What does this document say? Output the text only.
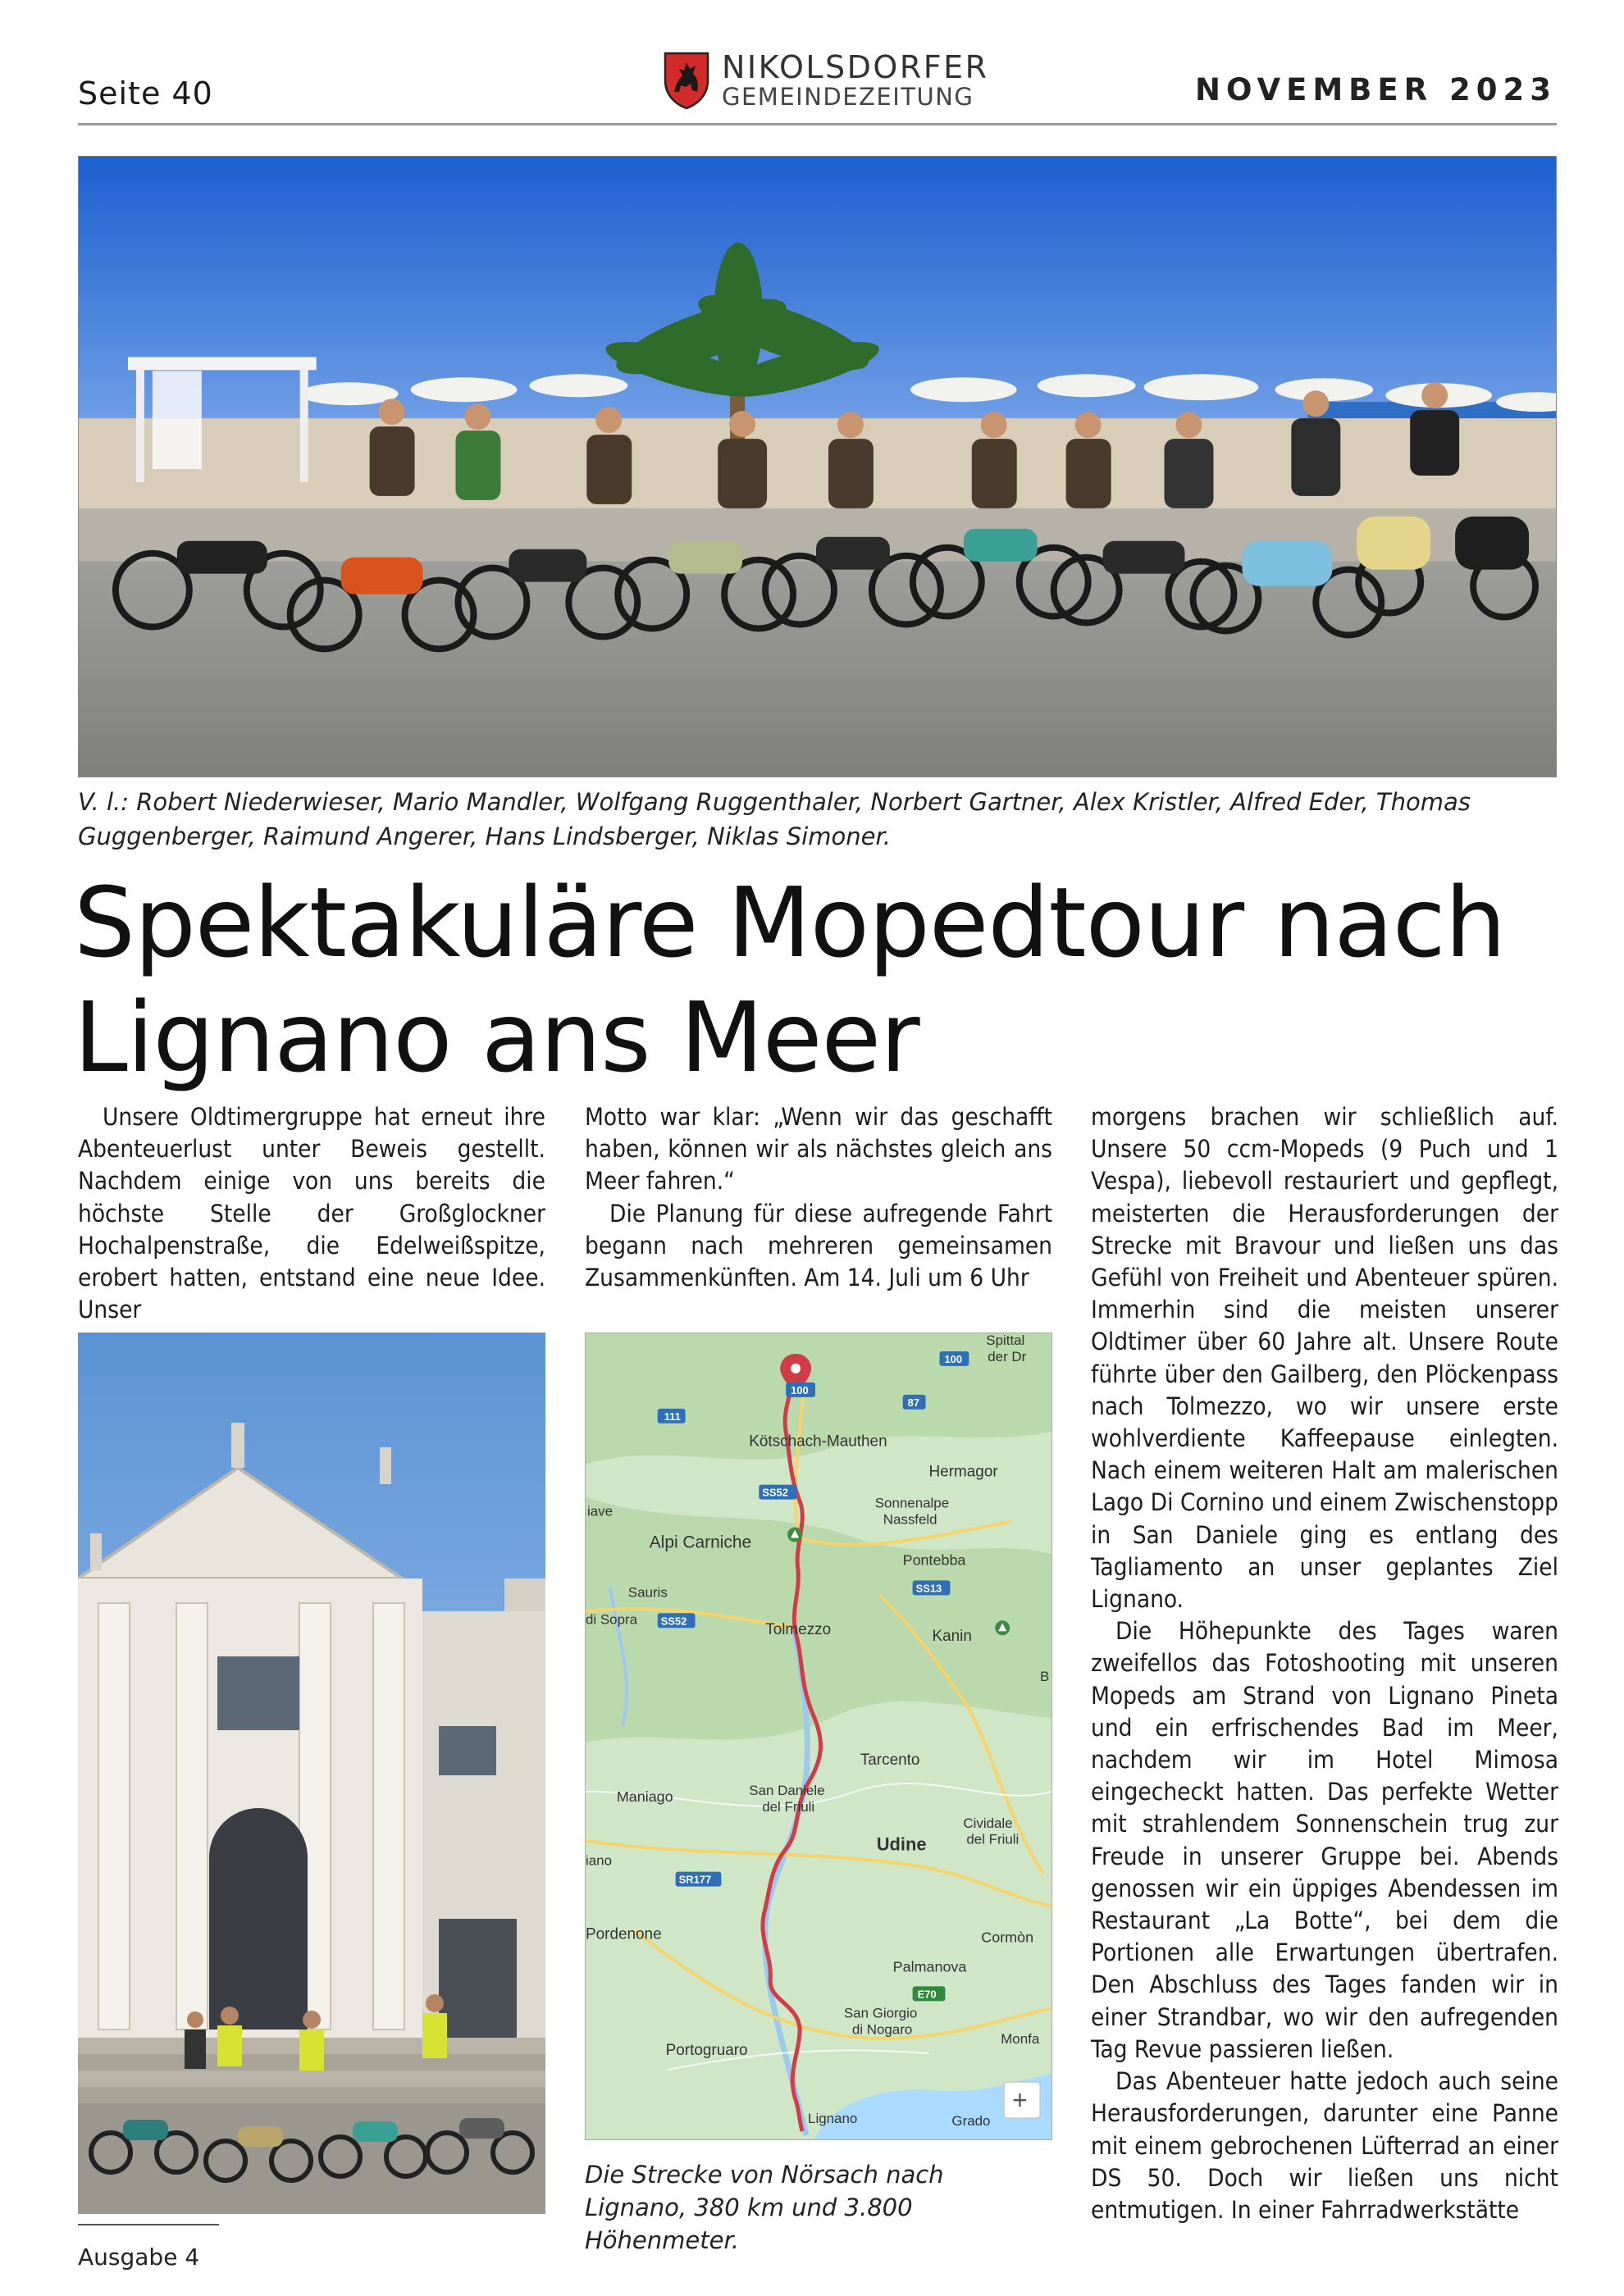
Seite 40
NIKOLSDORFER
GEMEINDEZEITUNG	NOVEMBER 2023
V. l.: Robert Niederwieser, Mario Mandler, Wolfgang Ruggenthaler, Norbert Gartner, Alex Kristler, Alfred Eder, Thomas Guggenberger, Raimund Angerer, Hans Lindsberger, Niklas Simoner.
Spektakuläre Mopedtour nach Lignano ans Meer

Unsere Oldtimergruppe hat erneut ihre Abenteuerlust unter Beweis gestellt. Nachdem einige von uns bereits die höchste Stelle der Großglockner Hochalpenstraße, die Edelweißspitze, erobert hatten, entstand eine neue Idee. Unser

Motto war klar: „Wenn wir das geschafft haben, können wir als nächstes gleich ans Meer fahren.“

Die Planung für diese aufregende Fahrt begann nach mehreren gemeinsamen Zusammenkünften. Am 14. Juli um 6 Uhr

100
100
87
111
SS52
SS52
SS13
SR177
E70
Spittal
der Dr
Kötschach-Mauthen
Hermagor
Sonnenalpe
Nassfeld
Pontebba
Alpi Carniche
Sauris
di Sopra
Tolmezzo	Kanin
Tarcento
Maniago	San Daniele
del Friuli
Cividale
del Friuli
Udine
iano
Pordenone	Cormòn
Palmanova
San Giorgio
di Nogaro
Monfa
Portogruaro
Lignano	Grado
iave
B
+
Die Strecke von Nörsach nach Lignano, 380 km und 3.800 Höhenmeter.

morgens brachen wir schließlich auf. Unsere 50 ccm-Mopeds (9 Puch und 1 Vespa), liebevoll restauriert und gepflegt, meisterten die Herausforderungen der Strecke mit Bravour und ließen uns das Gefühl von Freiheit und Abenteuer spüren. Immerhin sind die meisten unserer Oldtimer über 60 Jahre alt. Unsere Route führte über den Gailberg, den Plöckenpass nach Tolmezzo, wo wir unsere erste wohlverdiente Kaffeepause einlegten. Nach einem weiteren Halt am malerischen Lago Di Cornino und einem Zwischenstopp in San Daniele ging es entlang des Tagliamento an unser geplantes Ziel Lignano.

Die Höhepunkte des Tages waren zweifellos das Fotoshooting mit unseren Mopeds am Strand von Lignano Pineta und ein erfrischendes Bad im Meer, nachdem wir im Hotel Mimosa eingecheckt hatten. Das perfekte Wetter mit strahlendem Sonnenschein trug zur Freude in unserer Gruppe bei. Abends genossen wir ein üppiges Abendessen im Restaurant „La Botte“, bei dem die Portionen alle Erwartungen übertrafen. Den Abschluss des Tages fanden wir in einer Strandbar, wo wir den aufregenden Tag Revue passieren ließen.

Das Abenteuer hatte jedoch auch seine Herausforderungen, darunter eine Panne mit einem gebrochenen Lüfterrad an einer DS 50. Doch wir ließen uns nicht entmutigen. In einer Fahrradwerkstätte

Ausgabe 4
